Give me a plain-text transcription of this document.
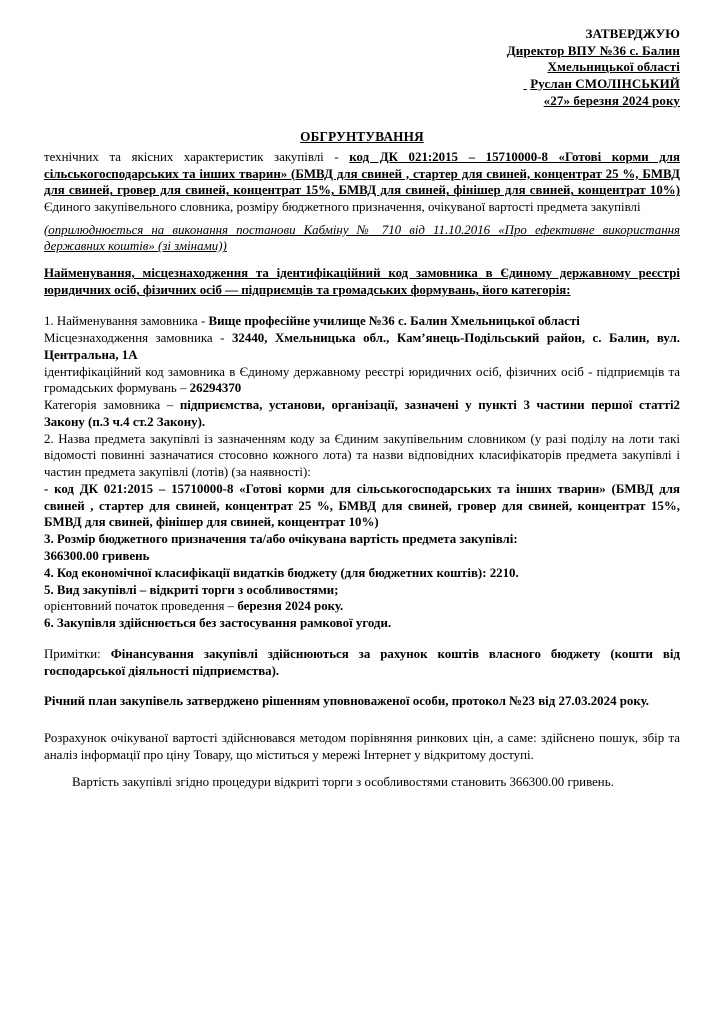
ЗАТВЕРДЖУЮ
Директор ВПУ №36 с. Балин
Хмельницької області
Руслан СМОЛІНСЬКИЙ
«27» березня 2024 року
ОБГРУНТУВАННЯ

технічних та якісних характеристик закупівлі - код ДК 021:2015 – 15710000-8 «Готові корми для сільськогосподарських та інших тварин» (БМВД для свиней , стартер для свиней, концентрат 25 %, БМВД для свиней, гровер для свиней, концентрат 15%, БМВД для свиней, фінішер для свиней, концентрат 10%) Єдиного закупівельного словника, розміру бюджетного призначення, очікуваної вартості предмета закупівлі

(оприлюднюється на виконання постанови Кабміну № 710 від 11.10.2016 «Про ефективне використання державних коштів» (зі змінами))
Найменування, місцезнаходження та ідентифікаційний код замовника в Єдиному державному реєстрі юридичних осіб, фізичних осіб — підприємців та громадських формувань, його категорія:
1. Найменування замовника - Вище професійне училище №36 с. Балин Хмельницької області
Місцезнаходження замовника - 32440, Хмельницька обл., Кам’янець-Подільський район, с. Балин, вул. Центральна, 1А
ідентифікаційний код замовника в Єдиному державному реєстрі юридичних осіб, фізичних осіб - підприємців та громадських формувань – 26294370
Категорія замовника – підприємства, установи, організації, зазначені у пункті 3 частини першої статті2 Закону (п.3 ч.4 ст.2 Закону).
2. Назва предмета закупівлі із зазначенням коду за Єдиним закупівельним словником (у разі поділу на лоти такі відомості повинні зазначатися стосовно кожного лота) та назви відповідних класифікаторів предмета закупівлі і частин предмета закупівлі (лотів) (за наявності):
- код ДК 021:2015 – 15710000-8 «Готові корми для сільськогосподарських та інших тварин» (БМВД для свиней , стартер для свиней, концентрат 25 %, БМВД для свиней, гровер для свиней, концентрат 15%, БМВД для свиней, фінішер для свиней, концентрат 10%)
3. Розмір бюджетного призначення та/або очікувана вартість предмета закупівлі:
366300.00 гривень
4. Код економічної класифікації видатків бюджету (для бюджетних коштів): 2210.
5. Вид закупівлі – відкриті торги з особливостями;
орієнтовний початок проведення – березня 2024 року.
6. Закупівля здійснюється без застосування рамкової угоди.
Примітки: Фінансування закупівлі здійснюються за рахунок коштів власного бюджету (кошти від господарської діяльності підприємства).
Річний план закупівель затверджено рішенням уповноваженої особи, протокол №23 від 27.03.2024 року.
Розрахунок очікуваної вартості здійснювався методом порівняння ринкових цін, а саме: здійснено пошук, збір та аналіз інформації про ціну Товару, що міститься у мережі Інтернет у відкритому доступі.
Вартість закупівлі згідно процедури відкриті торги з особливостями становить 366300.00 гривень.
